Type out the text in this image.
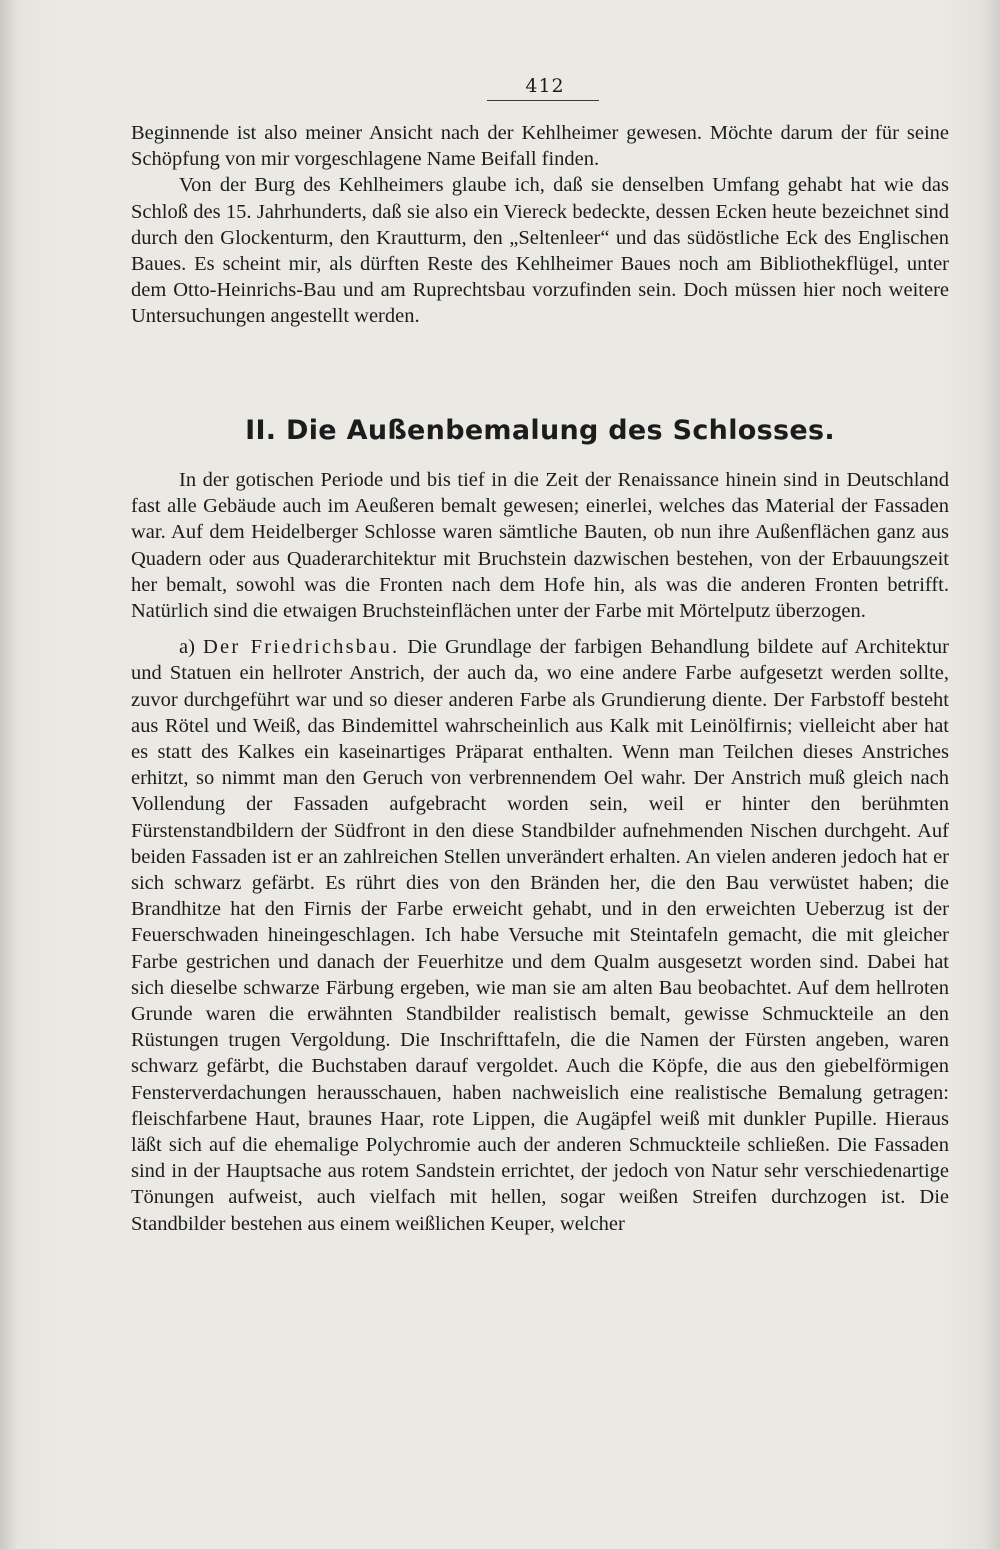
412

Beginnende ist also meiner Ansicht nach der Kehlheimer gewesen. Möchte darum der für seine Schöpfung von mir vorgeschlagene Name Beifall finden.

Von der Burg des Kehlheimers glaube ich, daß sie denselben Umfang gehabt hat wie das Schloß des 15. Jahrhunderts, daß sie also ein Viereck bedeckte, dessen Ecken heute bezeichnet sind durch den Glockenturm, den Krautturm, den „Seltenleer“ und das südöstliche Eck des Englischen Baues. Es scheint mir, als dürften Reste des Kehlheimer Baues noch am Bibliothekflügel, unter dem Otto-Heinrichs-Bau und am Ruprechtsbau vorzufinden sein. Doch müssen hier noch weitere Untersuchungen angestellt werden.

II. Die Außenbemalung des Schlosses.

In der gotischen Periode und bis tief in die Zeit der Renaissance hinein sind in Deutschland fast alle Gebäude auch im Aeußeren bemalt gewesen; einerlei, welches das Material der Fassaden war. Auf dem Heidelberger Schlosse waren sämtliche Bauten, ob nun ihre Außenflächen ganz aus Quadern oder aus Quaderarchitektur mit Bruchstein dazwischen bestehen, von der Erbauungszeit her bemalt, sowohl was die Fronten nach dem Hofe hin, als was die anderen Fronten betrifft. Natürlich sind die etwaigen Bruchsteinflächen unter der Farbe mit Mörtelputz überzogen.

a) Der Friedrichsbau. Die Grundlage der farbigen Behandlung bildete auf Architektur und Statuen ein hellroter Anstrich, der auch da, wo eine andere Farbe aufgesetzt werden sollte, zuvor durchgeführt war und so dieser anderen Farbe als Grundierung diente. Der Farbstoff besteht aus Rötel und Weiß, das Bindemittel wahrscheinlich aus Kalk mit Leinölfirnis; vielleicht aber hat es statt des Kalkes ein kaseinartiges Präparat enthalten. Wenn man Teilchen dieses Anstriches erhitzt, so nimmt man den Geruch von verbrennendem Oel wahr. Der Anstrich muß gleich nach Vollendung der Fassaden aufgebracht worden sein, weil er hinter den berühmten Fürstenstandbildern der Südfront in den diese Standbilder aufnehmenden Nischen durchgeht. Auf beiden Fassaden ist er an zahlreichen Stellen unverändert erhalten. An vielen anderen jedoch hat er sich schwarz gefärbt. Es rührt dies von den Bränden her, die den Bau verwüstet haben; die Brandhitze hat den Firnis der Farbe erweicht gehabt, und in den erweichten Ueberzug ist der Feuerschwaden hineingeschlagen. Ich habe Versuche mit Steintafeln gemacht, die mit gleicher Farbe gestrichen und danach der Feuerhitze und dem Qualm ausgesetzt worden sind. Dabei hat sich dieselbe schwarze Färbung ergeben, wie man sie am alten Bau beobachtet. Auf dem hellroten Grunde waren die erwähnten Standbilder realistisch bemalt, gewisse Schmuckteile an den Rüstungen trugen Vergoldung. Die Inschrifttafeln, die die Namen der Fürsten angeben, waren schwarz gefärbt, die Buchstaben darauf vergoldet. Auch die Köpfe, die aus den giebelförmigen Fensterverdachungen herausschauen, haben nachweislich eine realistische Bemalung getragen: fleischfarbene Haut, braunes Haar, rote Lippen, die Augäpfel weiß mit dunkler Pupille. Hieraus läßt sich auf die ehemalige Polychromie auch der anderen Schmuckteile schließen. Die Fassaden sind in der Hauptsache aus rotem Sandstein errichtet, der jedoch von Natur sehr verschiedenartige Tönungen aufweist, auch vielfach mit hellen, sogar weißen Streifen durchzogen ist. Die Standbilder bestehen aus einem weißlichen Keuper, welcher
